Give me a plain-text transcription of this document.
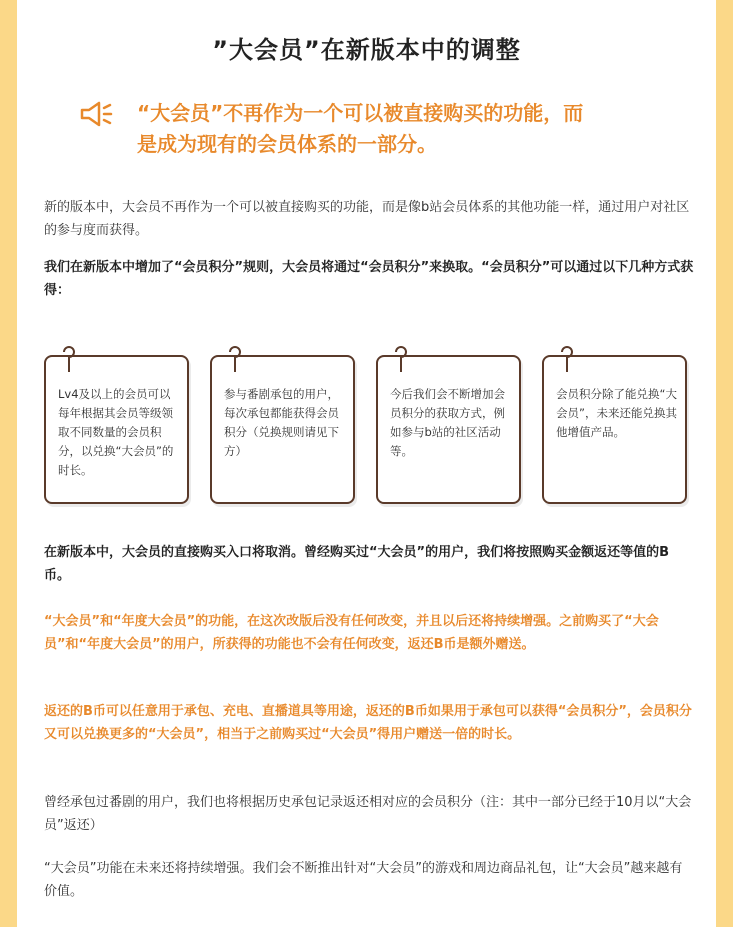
”大会员”在新版本中的调整
“大会员”不再作为一个可以被直接购买的功能，而
是成为现有的会员体系的一部分。
新的版本中，大会员不再作为一个可以被直接购买的功能，而是像b站会员体系的其他功能一样，通过用户对社区的参与度而获得。
我们在新版本中增加了“会员积分”规则，大会员将通过“会员积分”来换取。“会员积分”可以通过以下几种方式获得：
Lv4及以上的会员可以每年根据其会员等级领取不同数量的会员积分，以兑换“大会员”的时长。
参与番剧承包的用户，每次承包都能获得会员积分（兑换规则请见下方）
今后我们会不断增加会员积分的获取方式，例如参与b站的社区活动等。
会员积分除了能兑换“大会员”，未来还能兑换其他增值产品。
在新版本中，大会员的直接购买入口将取消。曾经购买过“大会员”的用户，我们将按照购买金额返还等值的B币。
“大会员”和“年度大会员”的功能，在这次改版后没有任何改变，并且以后还将持续增强。之前购买了“大会员”和“年度大会员”的用户，所获得的功能也不会有任何改变，返还B币是额外赠送。
返还的B币可以任意用于承包、充电、直播道具等用途，返还的B币如果用于承包可以获得“会员积分”，会员积分又可以兑换更多的“大会员”，相当于之前购买过“大会员”得用户赠送一倍的时长。
曾经承包过番剧的用户，我们也将根据历史承包记录返还相对应的会员积分（注：其中一部分已经于10月以“大会员”返还）
“大会员”功能在未来还将持续增强。我们会不断推出针对“大会员”的游戏和周边商品礼包，让“大会员”越来越有价值。
